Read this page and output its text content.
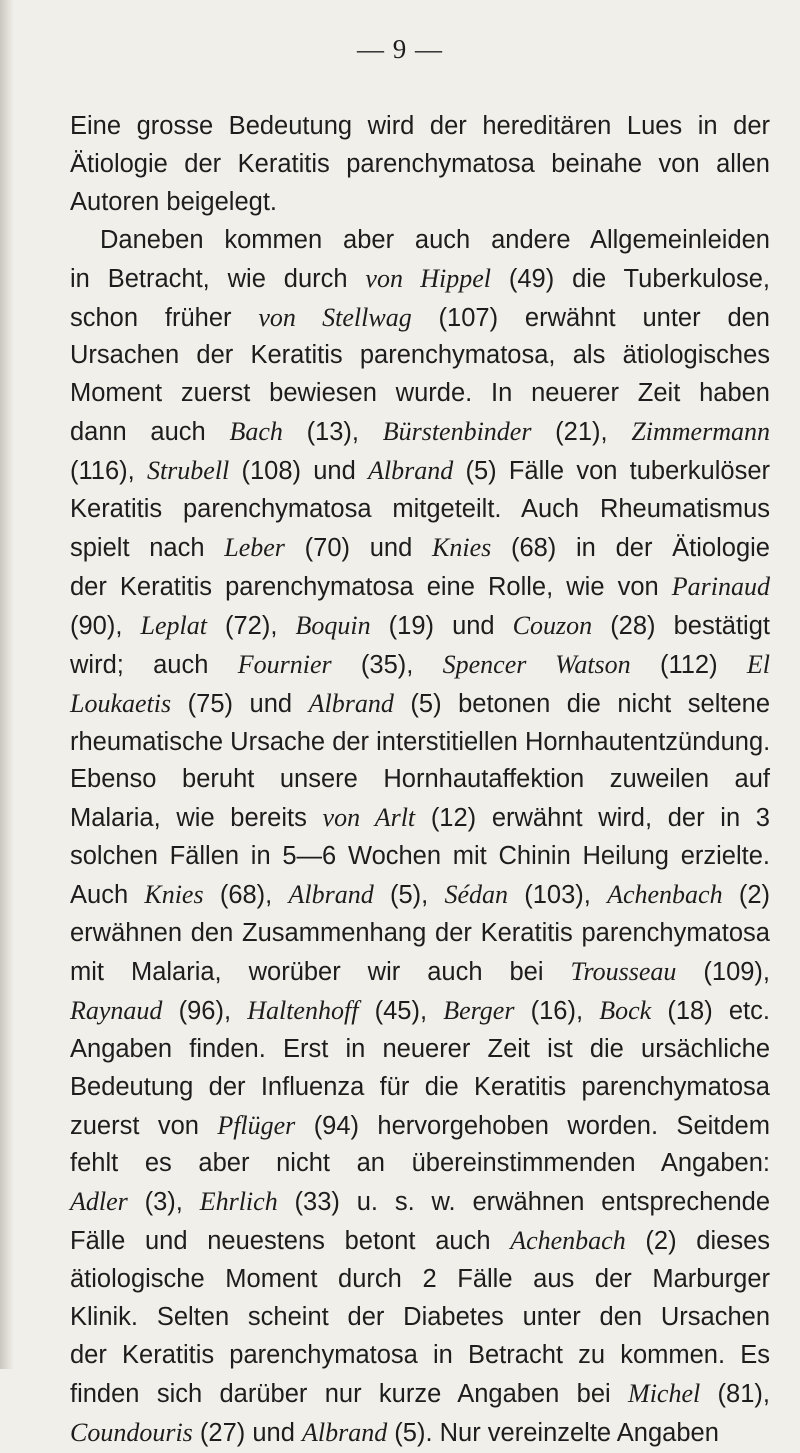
— 9 —
Eine grosse Bedeutung wird der hereditären Lues in der
Ätiologie der Keratitis parenchymatosa beinahe von allen
Autoren beigelegt.
Daneben kommen aber auch andere Allgemeinleiden
in Betracht, wie durch von Hippel (49) die Tuberkulose,
schon früher von Stellwag (107) erwähnt unter den
Ursachen der Keratitis parenchymatosa, als ätiologisches
Moment zuerst bewiesen wurde. In neuerer Zeit haben
dann auch Bach (13), Bürstenbinder (21), Zimmermann
(116), Strubell (108) und Albrand (5) Fälle von tuberkulöser
Keratitis parenchymatosa mitgeteilt. Auch Rheumatismus
spielt nach Leber (70) und Knies (68) in der Ätiologie
der Keratitis parenchymatosa eine Rolle, wie von Parinaud
(90), Leplat (72), Boquin (19) und Couzon (28) bestätigt
wird; auch Fournier (35), Spencer Watson (112) El
Loukaetis (75) und Albrand (5) betonen die nicht seltene
rheumatische Ursache der interstitiellen Hornhautentzündung.
Ebenso beruht unsere Hornhautaffektion zuweilen auf
Malaria, wie bereits von Arlt (12) erwähnt wird, der in 3
solchen Fällen in 5—6 Wochen mit Chinin Heilung erzielte.
Auch Knies (68), Albrand (5), Sédan (103), Achenbach (2)
erwähnen den Zusammenhang der Keratitis parenchymatosa
mit Malaria, worüber wir auch bei Trousseau (109),
Raynaud (96), Haltenhoff (45), Berger (16), Bock (18) etc.
Angaben finden. Erst in neuerer Zeit ist die ursächliche
Bedeutung der Influenza für die Keratitis parenchymatosa
zuerst von Pflüger (94) hervorgehoben worden. Seitdem
fehlt es aber nicht an übereinstimmenden Angaben:
Adler (3), Ehrlich (33) u. s. w. erwähnen entsprechende
Fälle und neuestens betont auch Achenbach (2) dieses
ätiologische Moment durch 2 Fälle aus der Marburger
Klinik. Selten scheint der Diabetes unter den Ursachen
der Keratitis parenchymatosa in Betracht zu kommen. Es
finden sich darüber nur kurze Angaben bei Michel (81),
Coundouris (27) und Albrand (5). Nur vereinzelte Angaben
